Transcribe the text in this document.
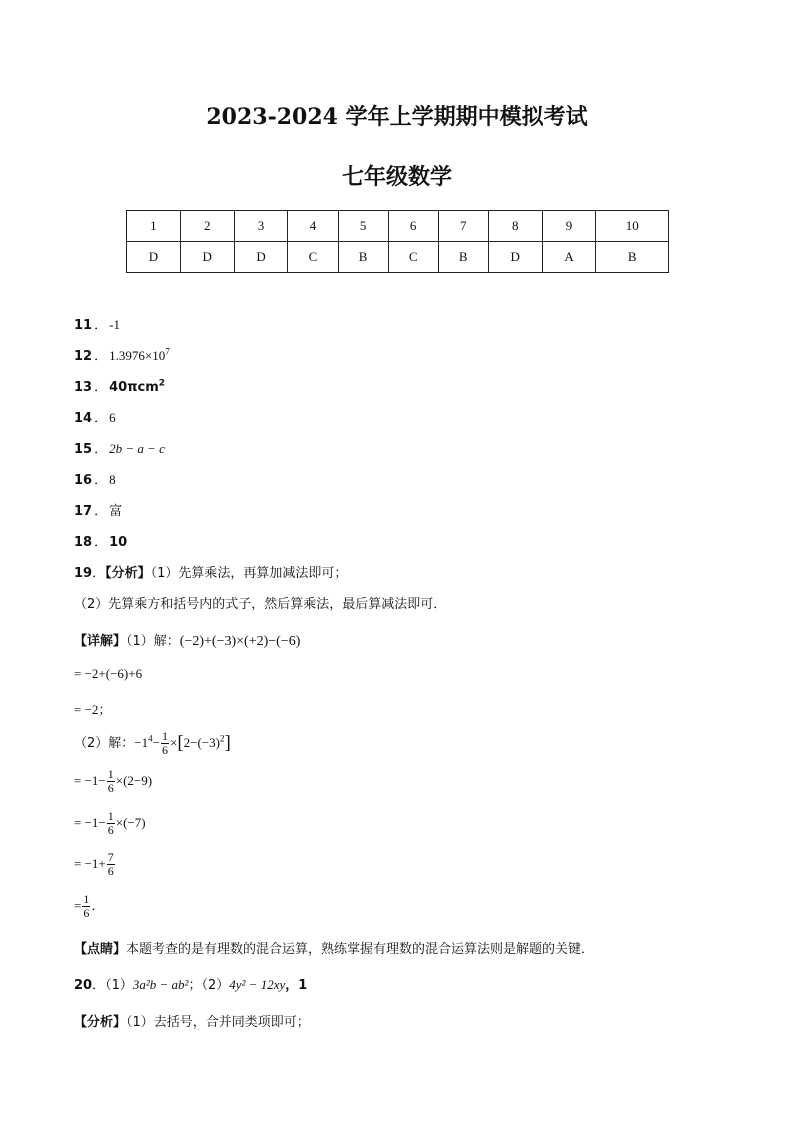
2023-2024 学年上学期期中模拟考试
七年级数学
1	2	3	4	5	6	7	8	9	10
D	D	D	C	B	C	B	D	A	B
11 ． -1
12 ． $1.3976\times 10^7$
13 ． 40πcm$^2$
14 ． 6
15 ． 2b − a − c
16 ． 8
17 ． 富
18 ． 10
19．【分析】（1）先算乘法，再算加减法即可；
（2）先算乘方和括号内的式子，然后算乘法，最后算减法即可．
【详解】（1）解：(−2)+(−3)×(+2)−(−6)
= −2+(−6)+6
= −2；
（2）解：$-1^4- \frac{1}{6} \times[2-(-3)^2]$
= $-1- \frac{1}{6} \times(2-9)$
= $-1- \frac{1}{6} \times(-7)$
= $-1+ \frac{7}{6}$
= $\frac{1}{6}$ ．
【点睛】本题考查的是有理数的混合运算，熟练掌握有理数的混合运算法则是解题的关键．
20．（1）3a²b − ab²；（2）4y² − 12xy，1
【分析】（1）去括号，合并同类项即可；
